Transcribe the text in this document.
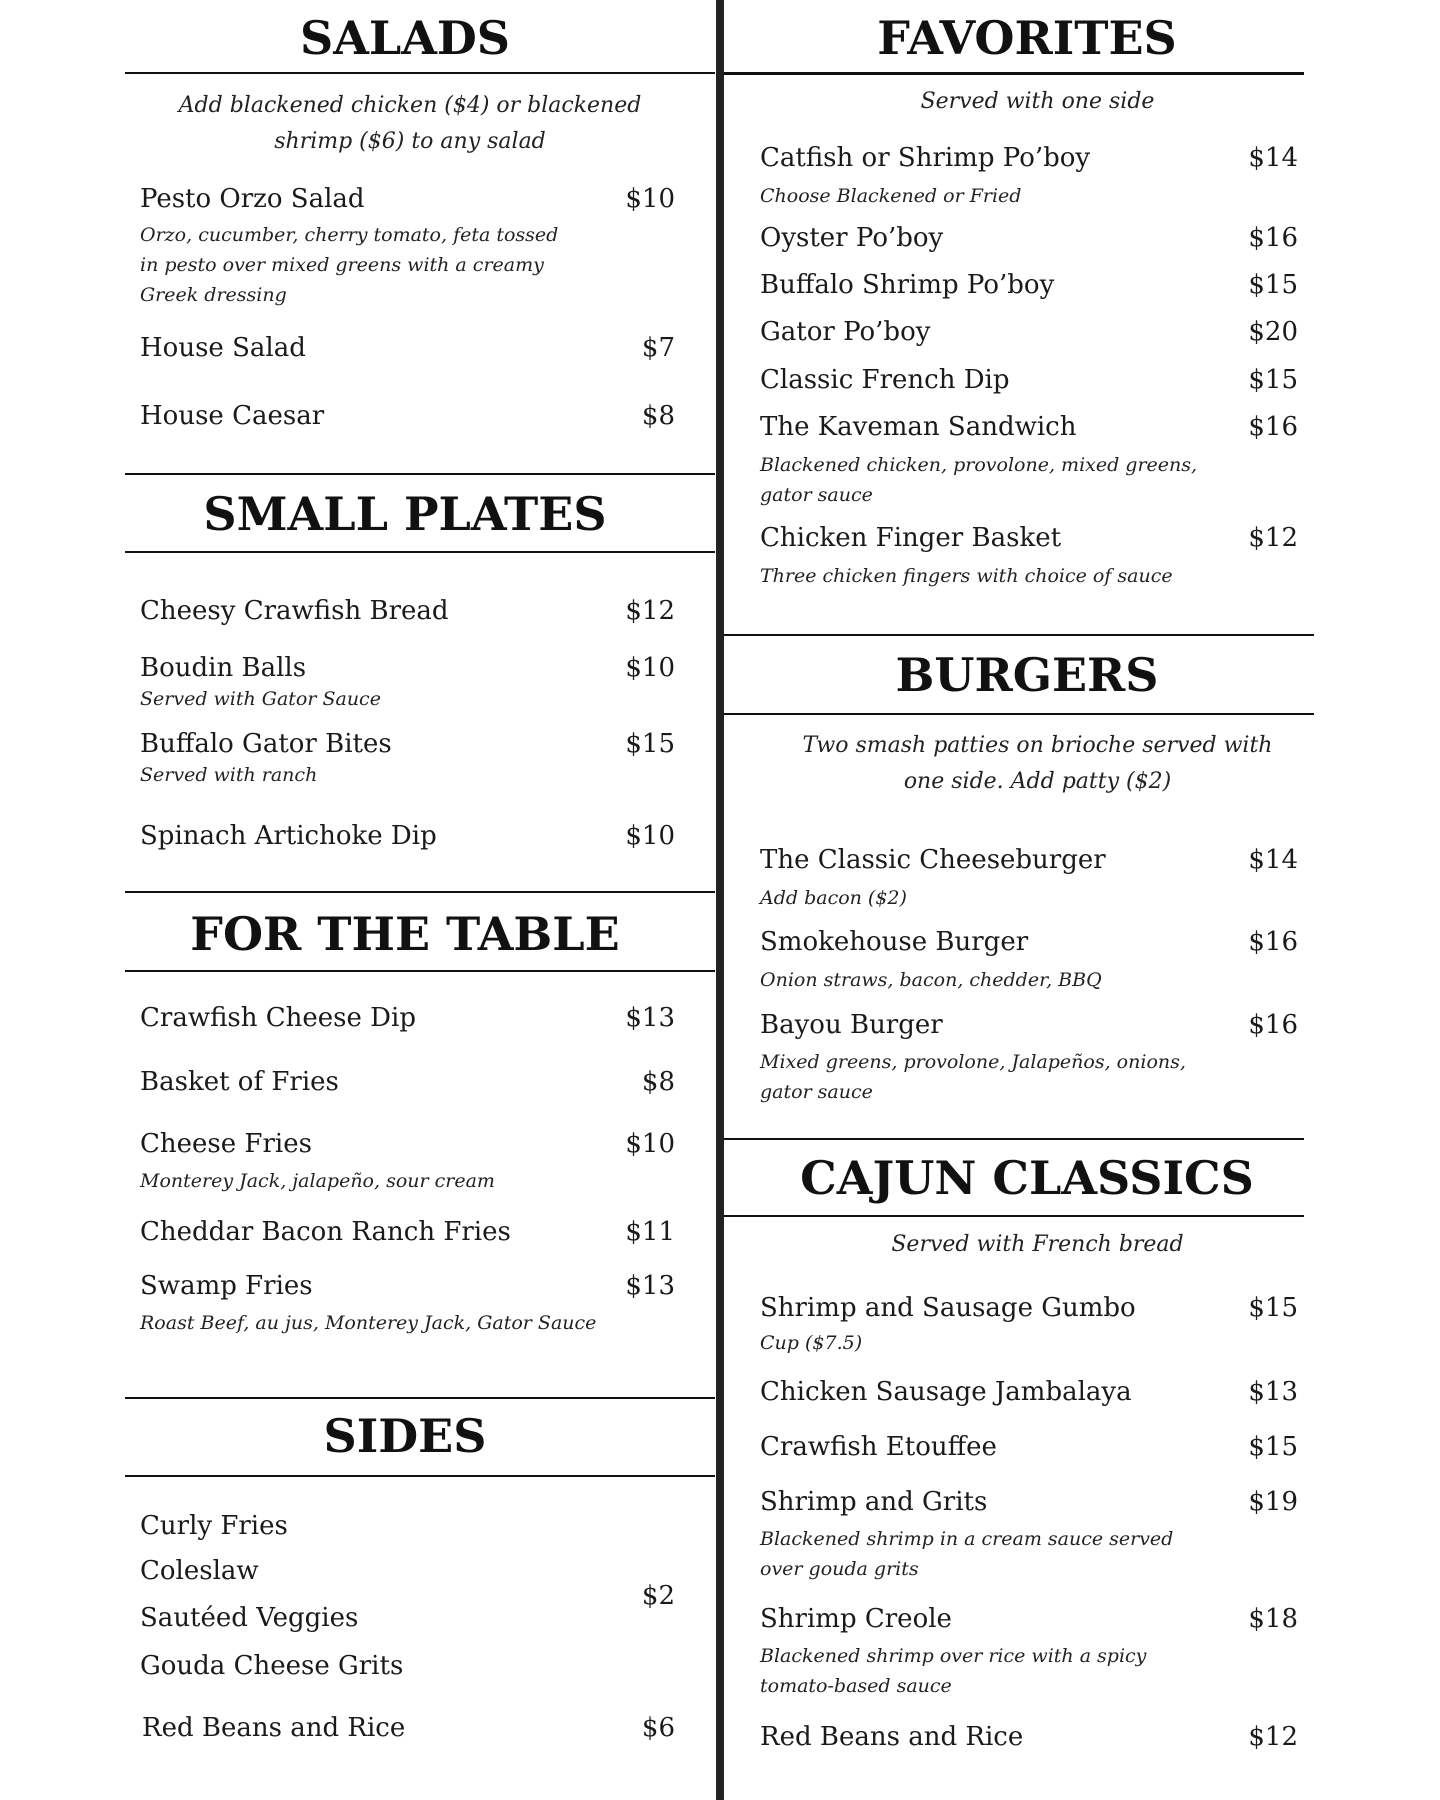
SALADS
Add blackened chicken ($4) or blackened shrimp ($6) to any salad
Pesto Orzo Salad	$10
Orzo, cucumber, cherry tomato, feta tossed in pesto over mixed greens with a creamy Greek dressing
House Salad	$7
House Caesar	$8
SMALL PLATES
Cheesy Crawfish Bread	$12
Boudin Balls	$10
Served with Gator Sauce
Buffalo Gator Bites	$15
Served with ranch
Spinach Artichoke Dip	$10
FOR THE TABLE
Crawfish Cheese Dip	$13
Basket of Fries	$8
Cheese Fries	$10
Monterey Jack, jalapeño, sour cream
Cheddar Bacon Ranch Fries	$11
Swamp Fries	$13
Roast Beef, au jus, Monterey Jack, Gator Sauce
SIDES
Curly Fries
Coleslaw
Sautéed Veggies
Gouda Cheese Grits
$2
Red Beans and Rice	$6
FAVORITES
Served with one side
Catfish or Shrimp Po’boy	$14
Choose Blackened or Fried
Oyster Po’boy	$16
Buffalo Shrimp Po’boy	$15
Gator Po’boy	$20
Classic French Dip	$15
The Kaveman Sandwich	$16
Blackened chicken, provolone, mixed greens, gator sauce
Chicken Finger Basket	$12
Three chicken fingers with choice of sauce
BURGERS
Two smash patties on brioche served with one side. Add patty ($2)
The Classic Cheeseburger	$14
Add bacon ($2)
Smokehouse Burger	$16
Onion straws, bacon, chedder, BBQ
Bayou Burger	$16
Mixed greens, provolone, Jalapeños, onions, gator sauce
CAJUN CLASSICS
Served with French bread
Shrimp and Sausage Gumbo	$15
Cup ($7.5)
Chicken Sausage Jambalaya	$13
Crawfish Etouffee	$15
Shrimp and Grits	$19
Blackened shrimp in a cream sauce served over gouda grits
Shrimp Creole	$18
Blackened shrimp over rice with a spicy tomato-based sauce
Red Beans and Rice	$12
